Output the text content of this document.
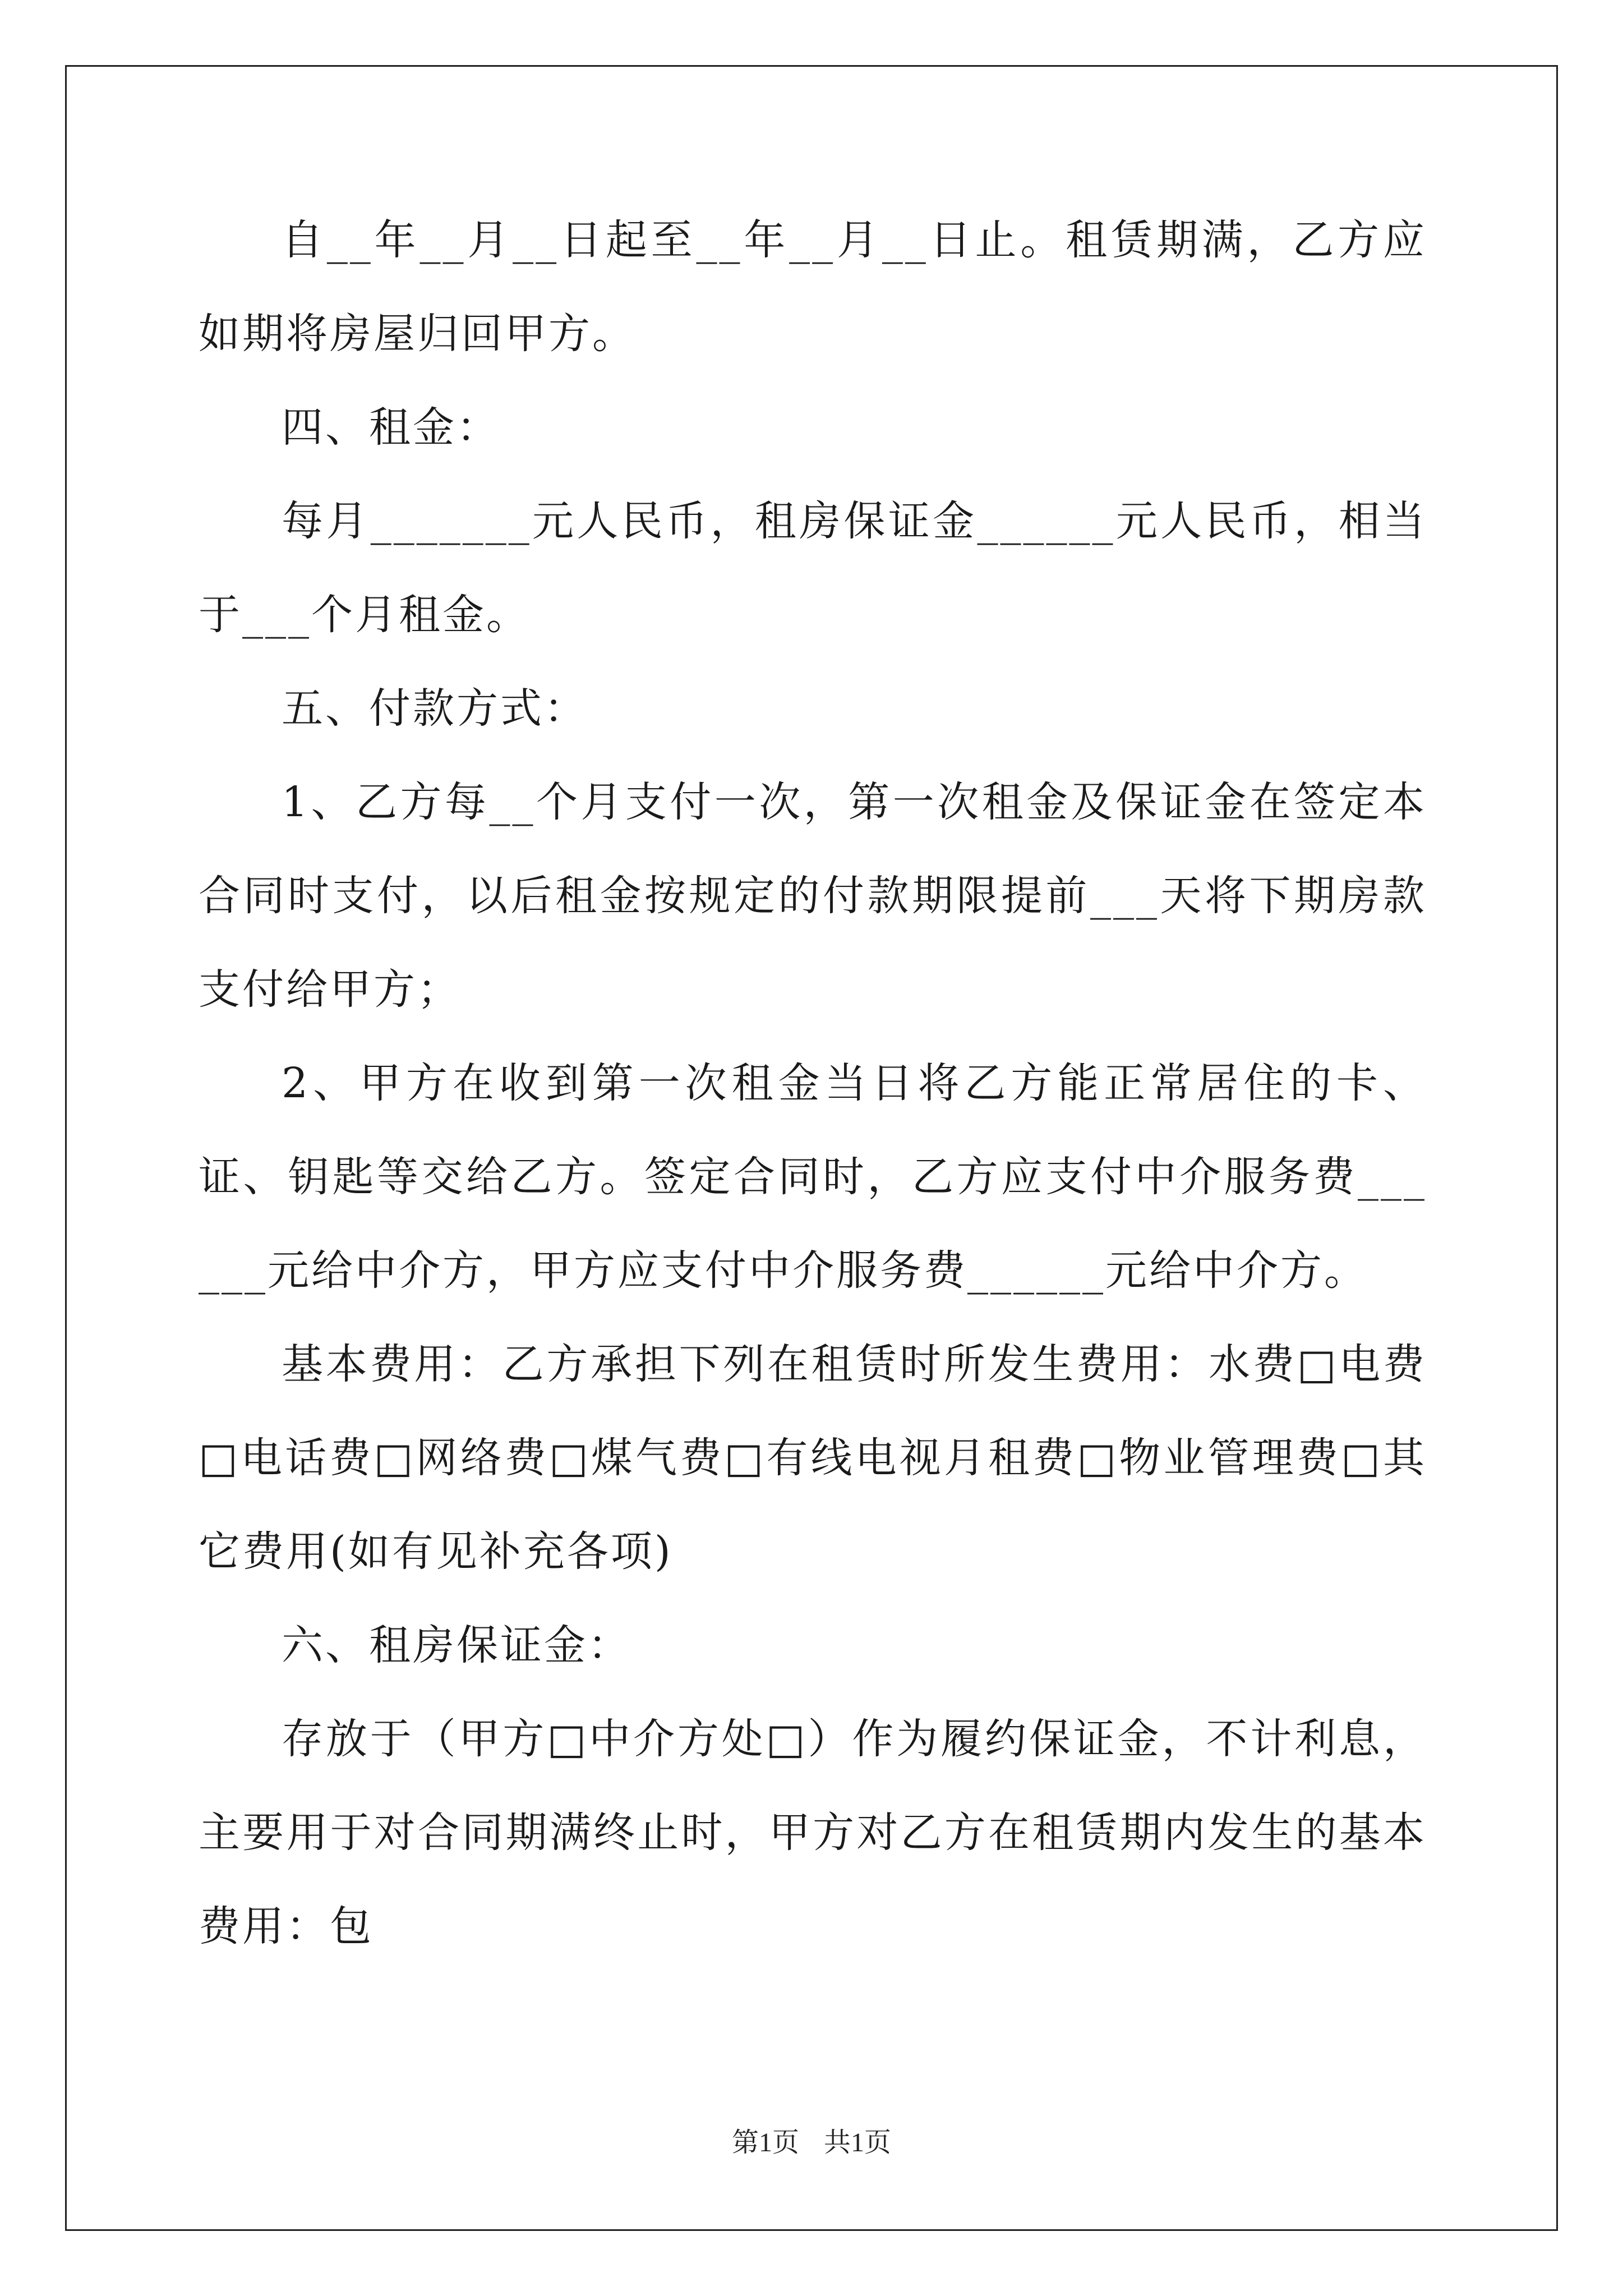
自__年__月__日起至__年__月__日止。租赁期满，乙方应如期将房屋归回甲方。

四、租金：

每月_______元人民币，租房保证金______元人民币，相当于___个月租金。

五、付款方式：

1、乙方每__个月支付一次，第一次租金及保证金在签定本合同时支付，以后租金按规定的付款期限提前___天将下期房款支付给甲方；

2、甲方在收到第一次租金当日将乙方能正常居住的卡、证、钥匙等交给乙方。签定合同时，乙方应支付中介服务费______元给中介方，甲方应支付中介服务费______元给中介方。

基本费用：乙方承担下列在租赁时所发生费用：水费□电费□电话费□网络费□煤气费□有线电视月租费□物业管理费□其它费用(如有见补充各项)

六、租房保证金：

存放于（甲方□中介方处□）作为履约保证金，不计利息，主要用于对合同期满终止时，甲方对乙方在租赁期内发生的基本费用：包

第1页 共1页
